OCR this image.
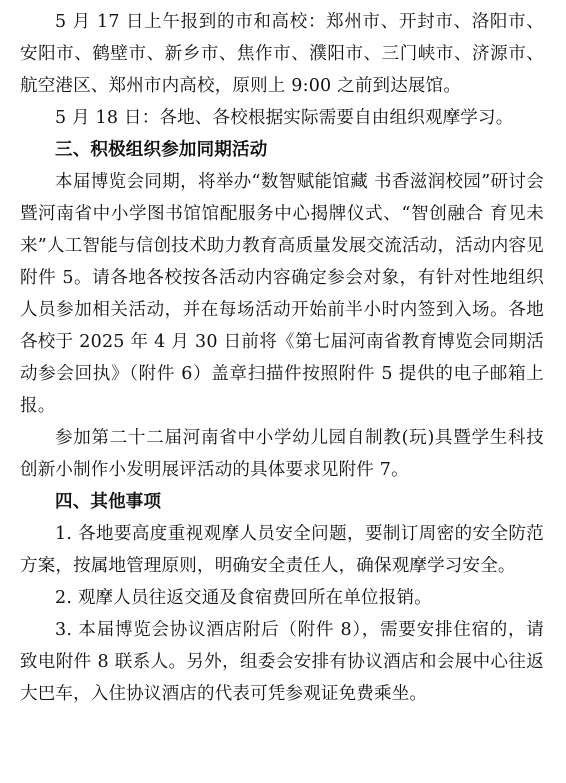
5 月 17 日上午报到的市和高校：郑州市、开封市、洛阳市、安阳市、鹤壁市、新乡市、焦作市、濮阳市、三门峡市、济源市、航空港区、郑州市内高校，原则上 9:00 之前到达展馆。

5 月 18 日：各地、各校根据实际需要自由组织观摩学习。

三、积极组织参加同期活动

本届博览会同期，将举办“数智赋能馆藏 书香滋润校园”研讨会暨河南省中小学图书馆馆配服务中心揭牌仪式、“智创融合 育见未来”人工智能与信创技术助力教育高质量发展交流活动，活动内容见附件 5。请各地各校按各活动内容确定参会对象，有针对性地组织人员参加相关活动，并在每场活动开始前半小时内签到入场。各地各校于 2025 年 4 月 30 日前将《第七届河南省教育博览会同期活动参会回执》（附件 6）盖章扫描件按照附件 5 提供的电子邮箱上报。

参加第二十二届河南省中小学幼儿园自制教(玩)具暨学生科技创新小制作小发明展评活动的具体要求见附件 7。

四、其他事项

1. 各地要高度重视观摩人员安全问题，要制订周密的安全防范方案，按属地管理原则，明确安全责任人，确保观摩学习安全。

2. 观摩人员往返交通及食宿费回所在单位报销。

3. 本届博览会协议酒店附后（附件 8），需要安排住宿的，请致电附件 8 联系人。另外，组委会安排有协议酒店和会展中心往返大巴车，入住协议酒店的代表可凭参观证免费乘坐。
